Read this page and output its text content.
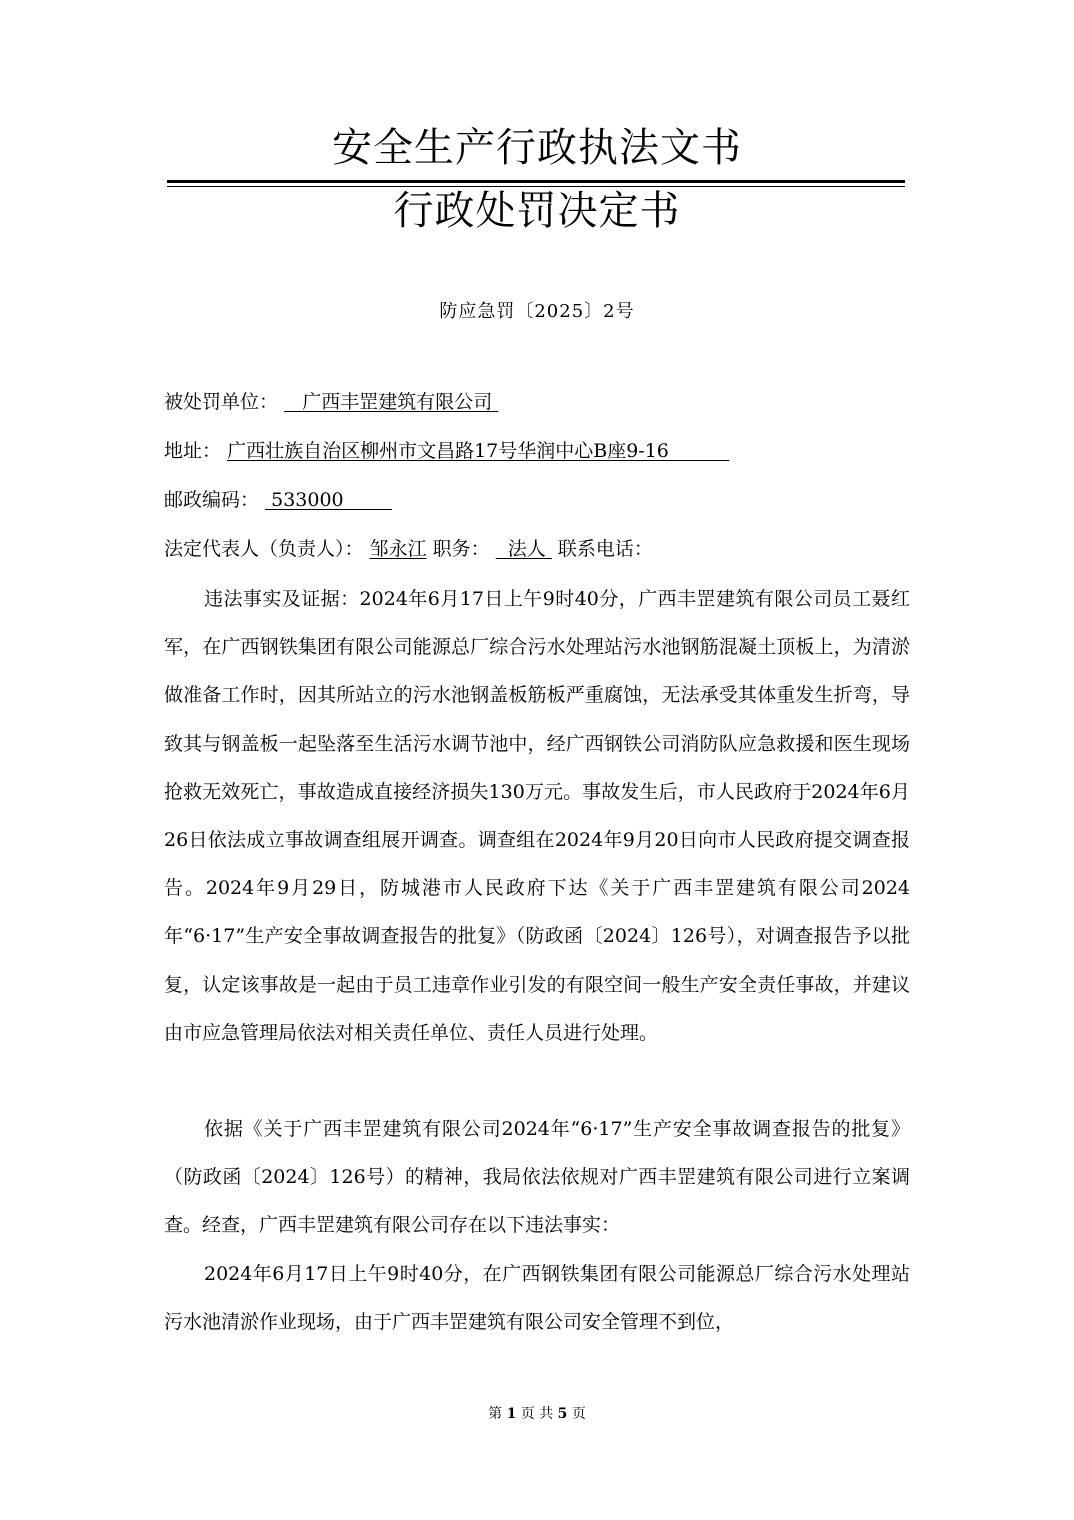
安全生产行政执法文书
行政处罚决定书
防应急罚〔2025〕2号
被处罚单位： 广西丰罡建筑有限公司
地址： 广西壮族自治区柳州市文昌路17号华润中心B座9-16
邮政编码： 533000
法定代表人（负责人）： 邹永江 职务： 法人 联系电话：

违法事实及证据：2024年6月17日上午9时40分，广西丰罡建筑有限公司员工聂红军，在广西钢铁集团有限公司能源总厂综合污水处理站污水池钢筋混凝土顶板上，为清淤做准备工作时，因其所站立的污水池钢盖板筋板严重腐蚀，无法承受其体重发生折弯，导致其与钢盖板一起坠落至生活污水调节池中，经广西钢铁公司消防队应急救援和医生现场抢救无效死亡，事故造成直接经济损失130万元。事故发生后，市人民政府于2024年6月26日依法成立事故调查组展开调查。调查组在2024年9月20日向市人民政府提交调查报告。2024年9月29日，防城港市人民政府下达《关于广西丰罡建筑有限公司2024年“6·17”生产安全事故调查报告的批复》（防政函〔2024〕126号），对调查报告予以批复，认定该事故是一起由于员工违章作业引发的有限空间一般生产安全责任事故，并建议由市应急管理局依法对相关责任单位、责任人员进行处理。

依据《关于广西丰罡建筑有限公司2024年“6·17”生产安全事故调查报告的批复》（防政函〔2024〕126号）的精神，我局依法依规对广西丰罡建筑有限公司进行立案调查。经查，广西丰罡建筑有限公司存在以下违法事实：

2024年6月17日上午9时40分，在广西钢铁集团有限公司能源总厂综合污水处理站污水池清淤作业现场，由于广西丰罡建筑有限公司安全管理不到位，

第 1 页 共 5 页
